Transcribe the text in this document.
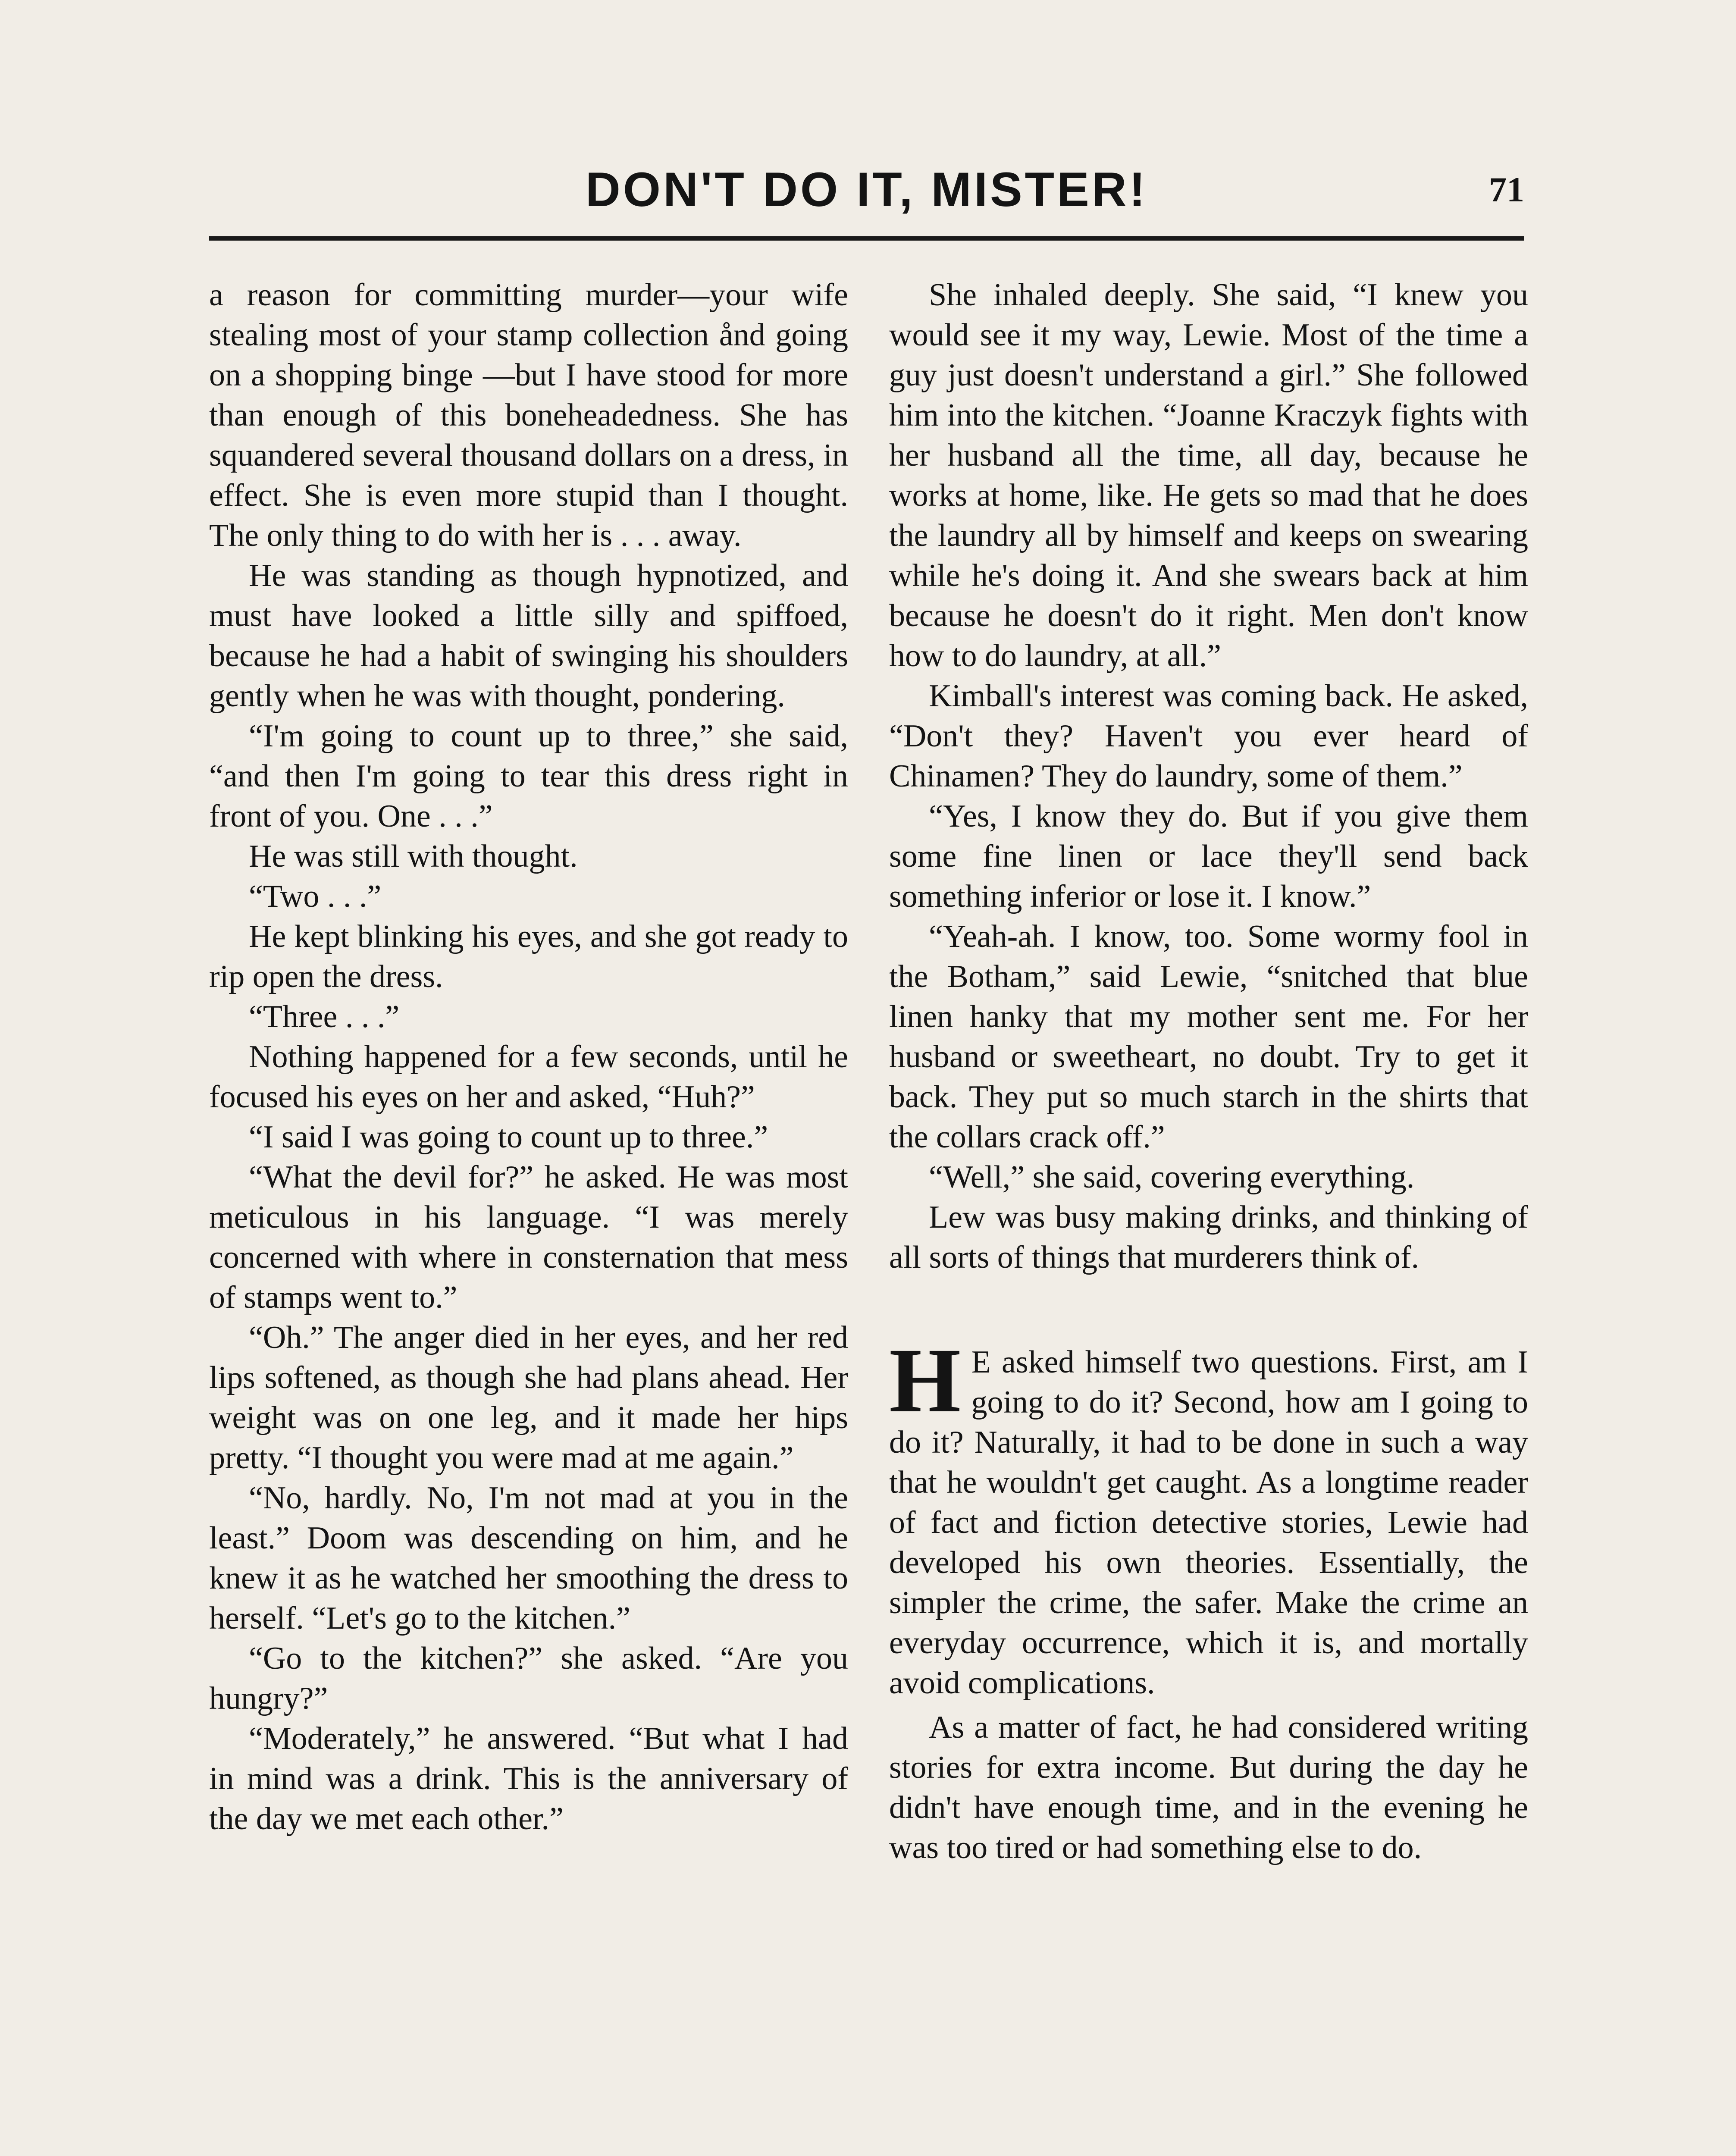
DON'T DO IT, MISTER!	71

a reason for committing murder—your wife stealing most of your stamp collection ånd going on a shopping binge —but I have stood for more than enough of this boneheadedness. She has squandered several thousand dollars on a dress, in effect. She is even more stupid than I thought. The only thing to do with her is . . . away.

He was standing as though hypnotized, and must have looked a little silly and spiffoed, because he had a habit of swinging his shoulders gently when he was with thought, pondering.

“I'm going to count up to three,” she said, “and then I'm going to tear this dress right in front of you. One . . .”

He was still with thought.

“Two . . .”

He kept blinking his eyes, and she got ready to rip open the dress.

“Three . . .”

Nothing happened for a few seconds, until he focused his eyes on her and asked, “Huh?”

“I said I was going to count up to three.”

“What the devil for?” he asked. He was most meticulous in his language. “I was merely concerned with where in consternation that mess of stamps went to.”

“Oh.” The anger died in her eyes, and her red lips softened, as though she had plans ahead. Her weight was on one leg, and it made her hips pretty. “I thought you were mad at me again.”

“No, hardly. No, I'm not mad at you in the least.” Doom was descending on him, and he knew it as he watched her smoothing the dress to herself. “Let's go to the kitchen.”

“Go to the kitchen?” she asked. “Are you hungry?”

“Moderately,” he answered. “But what I had in mind was a drink. This is the anniversary of the day we met each other.”

She inhaled deeply. She said, “I knew you would see it my way, Lewie. Most of the time a guy just doesn't understand a girl.” She followed him into the kitchen. “Joanne Kraczyk fights with her husband all the time, all day, because he works at home, like. He gets so mad that he does the laundry all by himself and keeps on swearing while he's doing it. And she swears back at him because he doesn't do it right. Men don't know how to do laundry, at all.”

Kimball's interest was coming back. He asked, “Don't they? Haven't you ever heard of Chinamen? They do laundry, some of them.”

“Yes, I know they do. But if you give them some fine linen or lace they'll send back something inferior or lose it. I know.”

“Yeah-ah. I know, too. Some wormy fool in the Botham,” said Lewie, “snitched that blue linen hanky that my mother sent me. For her husband or sweetheart, no doubt. Try to get it back. They put so much starch in the shirts that the collars crack off.”

“Well,” she said, covering everything.

Lew was busy making drinks, and thinking of all sorts of things that murderers think of.

H E asked himself two questions. First, am I going to do it? Second, how am I going to do it? Naturally, it had to be done in such a way that he wouldn't get caught. As a longtime reader of fact and fiction detective stories, Lewie had developed his own theories. Essentially, the simpler the crime, the safer. Make the crime an everyday occurrence, which it is, and mortally avoid complications.

As a matter of fact, he had considered writing stories for extra income. But during the day he didn't have enough time, and in the evening he was too tired or had something else to do.
